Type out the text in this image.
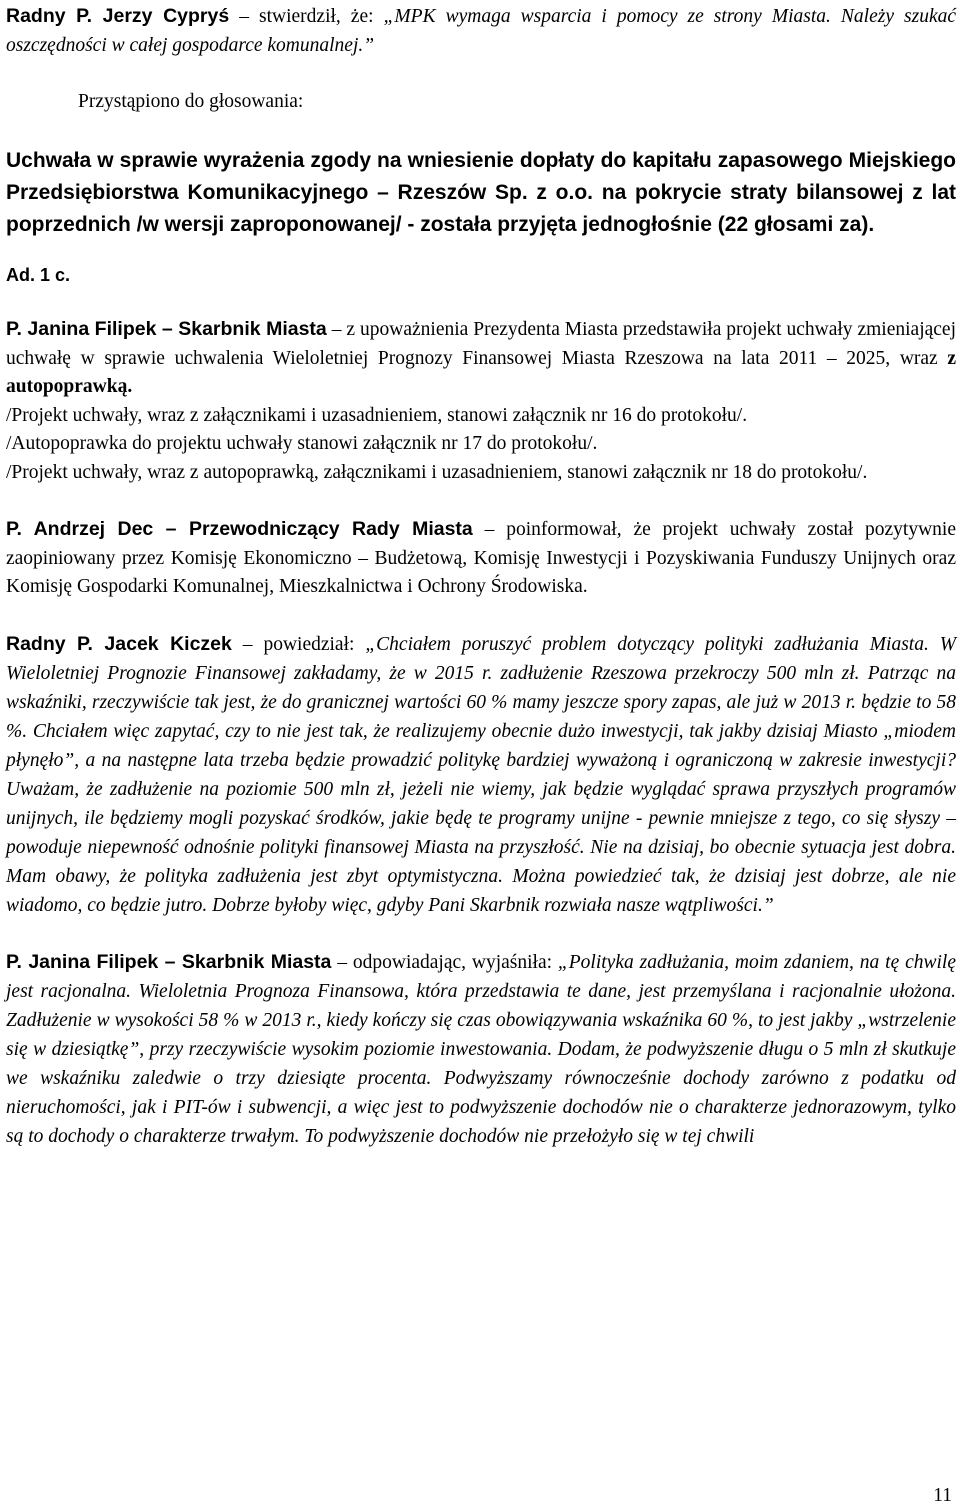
Radny P. Jerzy Cypryś – stwierdził, że: „MPK wymaga wsparcia i pomocy ze strony Miasta. Należy szukać oszczędności w całej gospodarce komunalnej.”

Przystąpiono do głosowania:

Uchwała w sprawie wyrażenia zgody na wniesienie dopłaty do kapitału zapasowego Miejskiego Przedsiębiorstwa Komunikacyjnego – Rzeszów Sp. z o.o. na pokrycie straty bilansowej z lat poprzednich /w wersji zaproponowanej/ - została przyjęta jednogłośnie (22 głosami za).

Ad. 1 c.

P. Janina Filipek – Skarbnik Miasta – z upoważnienia Prezydenta Miasta przedstawiła projekt uchwały zmieniającej uchwałę w sprawie uchwalenia Wieloletniej Prognozy Finansowej Miasta Rzeszowa na lata 2011 – 2025, wraz z autopoprawką.

/Projekt uchwały, wraz z załącznikami i uzasadnieniem, stanowi załącznik nr 16 do protokołu/.

/Autopoprawka do projektu uchwały stanowi załącznik nr 17 do protokołu/.

/Projekt uchwały, wraz z autopoprawką, załącznikami i uzasadnieniem, stanowi załącznik nr 18 do protokołu/.

P. Andrzej Dec – Przewodniczący Rady Miasta – poinformował, że projekt uchwały został pozytywnie zaopiniowany przez Komisję Ekonomiczno – Budżetową, Komisję Inwestycji i Pozyskiwania Funduszy Unijnych oraz Komisję Gospodarki Komunalnej, Mieszkalnictwa i Ochrony Środowiska.

Radny P. Jacek Kiczek – powiedział: „Chciałem poruszyć problem dotyczący polityki zadłużania Miasta. W Wieloletniej Prognozie Finansowej zakładamy, że w 2015 r. zadłużenie Rzeszowa przekroczy 500 mln zł. Patrząc na wskaźniki, rzeczywiście tak jest, że do granicznej wartości 60 % mamy jeszcze spory zapas, ale już w 2013 r. będzie to 58 %. Chciałem więc zapytać, czy to nie jest tak, że realizujemy obecnie dużo inwestycji, tak jakby dzisiaj Miasto „miodem płynęło”, a na następne lata trzeba będzie prowadzić politykę bardziej wyważoną i ograniczoną w zakresie inwestycji? Uważam, że zadłużenie na poziomie 500 mln zł, jeżeli nie wiemy, jak będzie wyglądać sprawa przyszłych programów unijnych, ile będziemy mogli pozyskać środków, jakie będę te programy unijne - pewnie mniejsze z tego, co się słyszy –powoduje niepewność odnośnie polityki finansowej Miasta na przyszłość. Nie na dzisiaj, bo obecnie sytuacja jest dobra. Mam obawy, że polityka zadłużenia jest zbyt optymistyczna. Można powiedzieć tak, że dzisiaj jest dobrze, ale nie wiadomo, co będzie jutro. Dobrze byłoby więc, gdyby Pani Skarbnik rozwiała nasze wątpliwości.”

P. Janina Filipek – Skarbnik Miasta – odpowiadając, wyjaśniła: „Polityka zadłużania, moim zdaniem, na tę chwilę jest racjonalna. Wieloletnia Prognoza Finansowa, która przedstawia te dane, jest przemyślana i racjonalnie ułożona. Zadłużenie w wysokości 58 % w 2013 r., kiedy kończy się czas obowiązywania wskaźnika 60 %, to jest jakby „wstrzelenie się w dziesiątkę”, przy rzeczywiście wysokim poziomie inwestowania. Dodam, że podwyższenie długu o 5 mln zł skutkuje we wskaźniku zaledwie o trzy dziesiąte procenta. Podwyższamy równocześnie dochody zarówno z podatku od nieruchomości, jak i PIT-ów i subwencji, a więc jest to podwyższenie dochodów nie o charakterze jednorazowym, tylko są to dochody o charakterze trwałym. To podwyższenie dochodów nie przełożyło się w tej chwili

11
